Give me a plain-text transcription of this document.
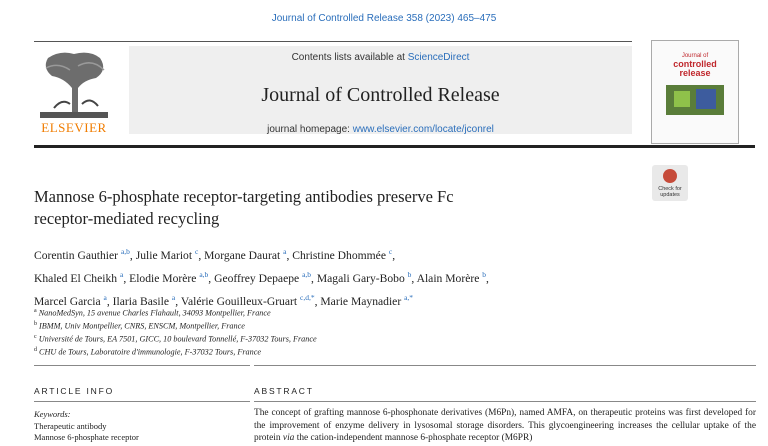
Journal of Controlled Release 358 (2023) 465–475
ELSEVIER
Contents lists available at ScienceDirect
Journal of Controlled Release
journal homepage: www.elsevier.com/locate/jconrel
Journal of
controlled
release
Mannose 6-phosphate receptor-targeting antibodies preserve Fc
receptor-mediated recycling
Check for
updates
Corentin Gauthier $^{a,b}$, Julie Mariot $^c$, Morgane Daurat $^a$, Christine Dhommée $^c$,
Khaled El Cheikh $^a$, Elodie Morère $^{a,b}$, Geoffrey Depaepe $^{a,b}$, Magali Gary-Bobo $^b$, Alain Morère $^b$,
Marcel Garcia $^a$, Ilaria Basile $^a$, Valérie Gouilleux-Gruart $^{c,d,*}$, Marie Maynadier $^{a,*}$
$^a$ NanoMedSyn, 15 avenue Charles Flahault, 34093 Montpellier, France
$^b$ IBMM, Univ Montpellier, CNRS, ENSCM, Montpellier, France
$^c$ Université de Tours, EA 7501, GICC, 10 boulevard Tonnellé, F-37032 Tours, France
$^d$ CHU de Tours, Laboratoire d'immunologie, F-37032 Tours, France
ARTICLE INFO	ABSTRACT
Keywords:
Therapeutic antibody
Mannose 6-phosphate receptor
The concept of grafting mannose 6-phosphonate derivatives (M6Pn), named AMFA, on therapeutic proteins was first developed for the improvement of enzyme delivery in lysosomal storage disorders. This glycoengineering increases the cellular uptake of the protein via the cation-independent mannose 6-phosphate receptor (M6PR)
